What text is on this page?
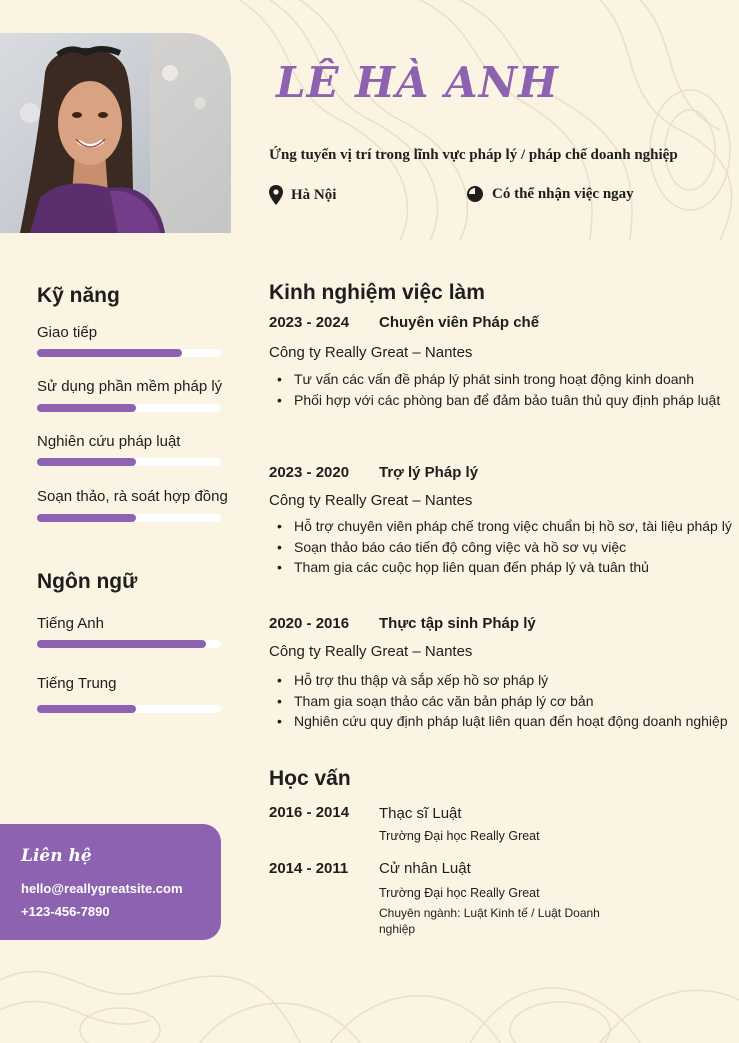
LÊ HÀ ANH
Ứng tuyển vị trí trong lĩnh vực pháp lý / pháp chế doanh nghiệp
Hà Nội	Có thể nhận việc ngay
Kỹ năng
Giao tiếp
Sử dụng phần mềm pháp lý
Nghiên cứu pháp luật
Soạn thảo, rà soát hợp đồng
Ngôn ngữ
Tiếng Anh
Tiếng Trung
Liên hệ
hello@reallygreatsite.com
+123-456-7890
Kinh nghiệm việc làm
2023 - 2024 Chuyên viên Pháp chế
Công ty Really Great – Nantes
• Tư vấn các vấn đề pháp lý phát sinh trong hoạt động kinh doanh
• Phối hợp với các phòng ban để đảm bảo tuân thủ quy định pháp luật
2023 - 2020 Trợ lý Pháp lý
Công ty Really Great – Nantes
• Hỗ trợ chuyên viên pháp chế trong việc chuẩn bị hồ sơ, tài liệu pháp lý
• Soạn thảo báo cáo tiến độ công việc và hồ sơ vụ việc
• Tham gia các cuộc họp liên quan đến pháp lý và tuân thủ
2020 - 2016 Thực tập sinh Pháp lý
Công ty Really Great – Nantes
• Hỗ trợ thu thập và sắp xếp hồ sơ pháp lý
• Tham gia soạn thảo các văn bản pháp lý cơ bản
• Nghiên cứu quy định pháp luật liên quan đến hoạt động doanh nghiệp
Học vấn
2016 - 2014 Thạc sĩ Luật
Trường Đại học Really Great
2014 - 2011 Cử nhân Luật
Trường Đại học Really Great
Chuyên ngành: Luật Kinh tế / Luật Doanh nghiệp
